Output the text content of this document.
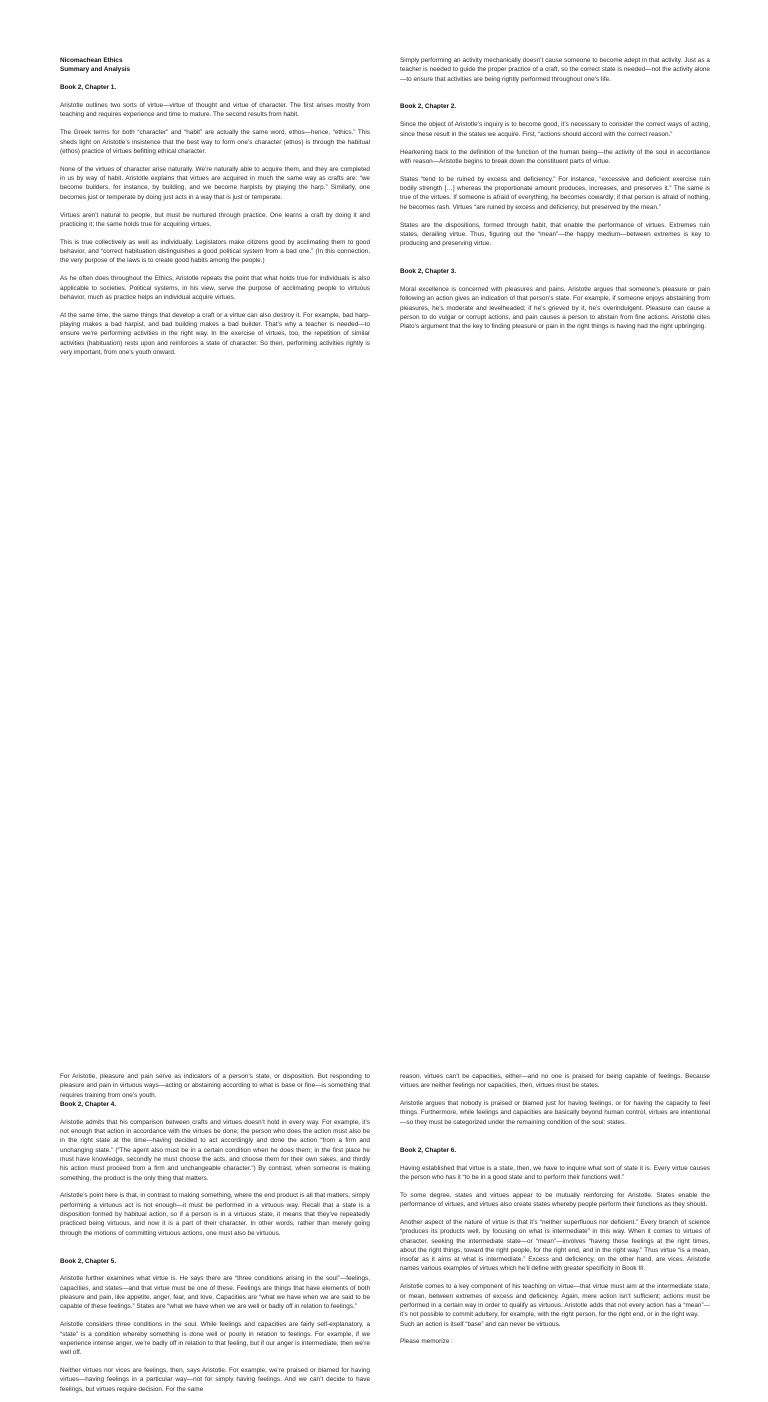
Nicomachean Ethics
Summary and Analysis

Book 2, Chapter 1.

Aristotle outlines two sorts of virtue—virtue of thought and virtue of character. The first arises mostly from teaching and requires experience and time to mature. The second results from habit.

The Greek terms for both “character” and “habit” are actually the same word, ethos—hence, “ethics.” This sheds light on Aristotle’s insistence that the best way to form one’s character (ethos) is through the habitual (ethos) practice of virtues befitting ethical character.

None of the virtues of character arise naturally. We’re naturally able to acquire them, and they are completed in us by way of habit. Aristotle explains that virtues are acquired in much the same way as crafts are: “we become builders, for instance, by building, and we become harpists by playing the harp.” Similarly, one becomes just or temperate by doing just acts in a way that is just or temperate.

Virtues aren’t natural to people, but must be nurtured through practice. One learns a craft by doing it and practicing it; the same holds true for acquiring virtues.

This is true collectively as well as individually. Legislators make citizens good by acclimating them to good behavior, and “correct habituation distinguishes a good political system from a bad one.” (In this connection, the very purpose of the laws is to create good habits among the people.)

As he often does throughout the Ethics, Aristotle repeats the point that what holds true for individuals is also applicable to societies. Political systems, in his view, serve the purpose of acclimating people to virtuous behavior, much as practice helps an individual acquire virtues.

At the same time, the same things that develop a craft or a virtue can also destroy it. For example, bad harp-playing makes a bad harpist, and bad building makes a bad builder. That’s why a teacher is needed—to ensure we’re performing activities in the right way. In the exercise of virtues, too, the repetition of similar activities (habituation) rests upon and reinforces a state of character. So then, performing activities rightly is very important, from one’s youth onward.

Simply performing an activity mechanically doesn’t cause someone to become adept in that activity. Just as a teacher is needed to guide the proper practice of a craft, so the correct state is needed—not the activity alone—to ensure that activities are being rightly performed throughout one’s life.

Book 2, Chapter 2.

Since the object of Aristotle’s inquiry is to become good, it’s necessary to consider the correct ways of acting, since these result in the states we acquire. First, “actions should accord with the correct reason.”

Hearkening back to the definition of the function of the human being—the activity of the soul in accordance with reason—Aristotle begins to break down the constituent parts of virtue.

States “tend to be ruined by excess and deficiency.” For instance, “excessive and deficient exercise ruin bodily strength […] whereas the proportionate amount produces, increases, and preserves it.” The same is true of the virtues. If someone is afraid of everything, he becomes cowardly; if that person is afraid of nothing, he becomes rash. Virtues “are ruined by excess and deficiency, but preserved by the mean.”

States are the dispositions, formed through habit, that enable the performance of virtues. Extremes ruin states, derailing virtue. Thus, figuring out the “mean”—the happy medium—between extremes is key to producing and preserving virtue.

Book 2, Chapter 3.

Moral excellence is concerned with pleasures and pains. Aristotle argues that someone’s pleasure or pain following an action gives an indication of that person’s state. For example, if someone enjoys abstaining from pleasures, he’s moderate and levelheaded; if he’s grieved by it, he’s overindulgent. Pleasure can cause a person to do vulgar or corrupt actions, and pain causes a person to abstain from fine actions. Aristotle cites Plato’s argument that the key to finding pleasure or pain in the right things is having had the right upbringing.

For Aristotle, pleasure and pain serve as indicators of a person’s state, or disposition. But responding to pleasure and pain in virtuous ways—acting or abstaining according to what is base or fine—is something that requires training from one’s youth.

Book 2, Chapter 4.

Aristotle admits that his comparison between crafts and virtues doesn’t hold in every way. For example, it’s not enough that action in accordance with the virtues be done; the person who does the action must also be in the right state at the time—having decided to act accordingly and done the action “from a firm and unchanging state.” (“The agent also must be in a certain condition when he does them; in the first place he must have knowledge, secondly he must choose the acts, and choose them for their own sakes, and thirdly his action must proceed from a firm and unchangeable character.”) By contrast, when someone is making something, the product is the only thing that matters.

Aristotle’s point here is that, in contrast to making something, where the end product is all that matters, simply performing a virtuous act is not enough—it must be performed in a virtuous way. Recall that a state is a disposition formed by habitual action, so if a person is in a virtuous state, it means that they’ve repeatedly practiced being virtuous, and now it is a part of their character. In other words, rather than merely going through the motions of committing virtuous actions, one must also be virtuous.

Book 2, Chapter 5.

Aristotle further examines what virtue is. He says there are “three conditions arising in the soul”—feelings, capacities, and states—and that virtue must be one of these. Feelings are things that have elements of both pleasure and pain, like appetite, anger, fear, and love. Capacities are “what we have when we are said to be capable of these feelings.” States are “what we have when we are well or badly off in relation to feelings.”

Aristotle considers three conditions in the soul. While feelings and capacities are fairly self-explanatory, a “state” is a condition whereby something is done well or poorly in relation to feelings. For example, if we experience intense anger, we’re badly off in relation to that feeling, but if our anger is intermediate, then we’re well off.

Neither virtues nor vices are feelings, then, says Aristotle. For example, we’re praised or blamed for having virtues—having feelings in a particular way—not for simply having feelings. And we can’t decide to have feelings, but virtues require decision. For the same

reason, virtues can’t be capacities, either—and no one is praised for being capable of feelings. Because virtues are neither feelings nor capacities, then, virtues must be states.

Aristotle argues that nobody is praised or blamed just for having feelings, or for having the capacity to feel things. Furthermore, while feelings and capacities are basically beyond human control, virtues are intentional—so they must be categorized under the remaining condition of the soul: states.

Book 2, Chapter 6.

Having established that virtue is a state, then, we have to inquire what sort of state it is. Every virtue causes the person who has it “to be in a good state and to perform their functions well.”

To some degree, states and virtues appear to be mutually reinforcing for Aristotle. States enable the performance of virtues, and virtues also create states whereby people perform their functions as they should.

Another aspect of the nature of virtue is that it’s “neither superfluous nor deficient.” Every branch of science “produces its products well, by focusing on what is intermediate” in this way. When it comes to virtues of character, seeking the intermediate state—or “mean”—involves “having these feelings at the right times, about the right things, toward the right people, for the right end, and in the right way.” Thus virtue “is a mean, insofar as it aims at what is intermediate.” Excess and deficiency, on the other hand, are vices. Aristotle names various examples of virtues which he’ll define with greater specificity in Book III.

Aristotle comes to a key component of his teaching on virtue—that virtue must aim at the intermediate state, or mean, between extremes of excess and deficiency. Again, mere action isn’t sufficient; actions must be performed in a certain way in order to qualify as virtuous. Aristotle adds that not every action has a “mean”—it’s not possible to commit adultery, for example, with the right person, for the right end, or in the right way.

Such an action is itself “base” and can never be virtuous.

Please memorize :
